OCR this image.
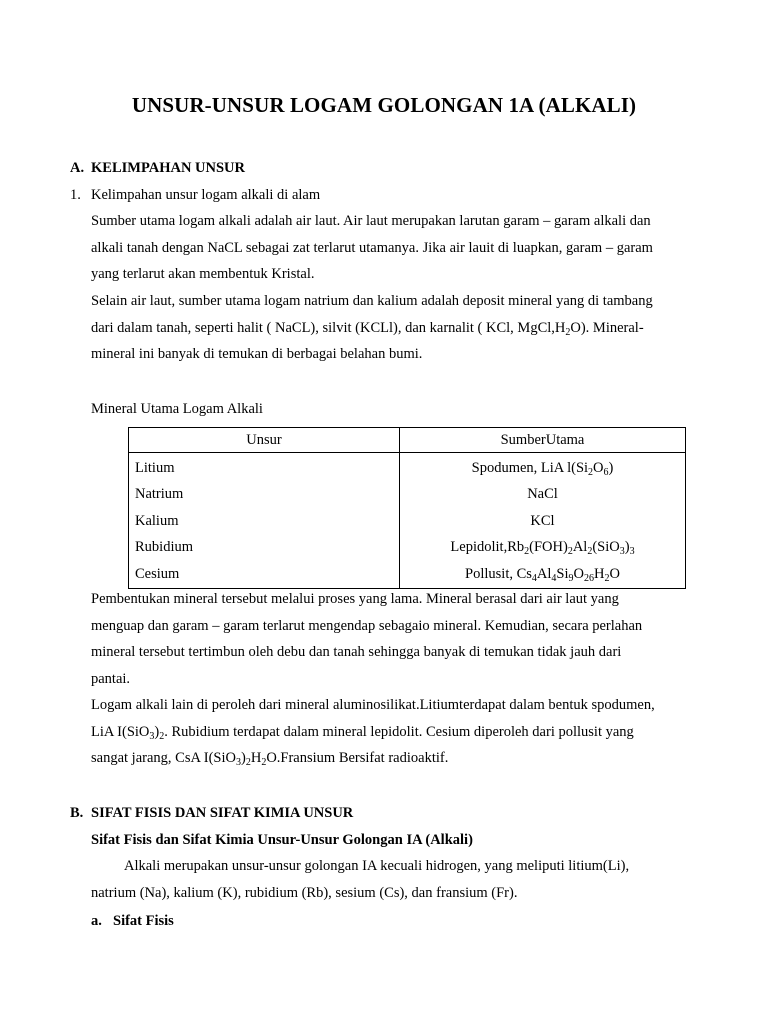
UNSUR-UNSUR LOGAM GOLONGAN 1A (ALKALI)
A. KELIMPAHAN UNSUR
1. Kelimpahan unsur logam alkali di alam
Sumber utama logam alkali adalah air laut. Air laut merupakan larutan garam – garam alkali dan
alkali tanah dengan NaCL sebagai zat terlarut utamanya. Jika air lauit di luapkan, garam – garam
yang terlarut akan membentuk Kristal.
Selain air laut, sumber utama logam natrium dan kalium adalah deposit mineral yang di tambang
dari dalam tanah, seperti halit ( NaCL), silvit (KCLl), dan karnalit ( KCl, $MgCl,H_2O$). Mineral-
mineral ini banyak di temukan di berbagai belahan bumi.
Mineral Utama Logam Alkali
Unsur	SumberUtama
Litium	Spodumen, LiA $l(Si_2O_6)$
Natrium	NaCl
Kalium	KCl
Rubidium	$Lepidolit,Rb_2(FOH)_2Al_2(SiO_3)_3$
Cesium	Pollusit, $Cs_4Al_4Si_9O_{26}H_2O$
Pembentukan mineral tersebut melalui proses yang lama. Mineral berasal dari air laut yang
menguap dan garam – garam terlarut mengendap sebagaio mineral. Kemudian, secara perlahan
mineral tersebut tertimbun oleh debu dan tanah sehingga banyak di temukan tidak jauh dari
pantai.
Logam alkali lain di peroleh dari mineral aluminosilikat.Litiumterdapat dalam bentuk spodumen,
LiA $I(SiO_3)_2$. Rubidium terdapat dalam mineral lepidolit. Cesium diperoleh dari pollusit yang
sangat jarang, CsA $I(SiO_3)_2H_2O.Fransium$ Bersifat radioaktif.
B. SIFAT FISIS DAN SIFAT KIMIA UNSUR
Sifat Fisis dan Sifat Kimia Unsur-Unsur Golongan IA (Alkali)
Alkali merupakan unsur-unsur golongan IA kecuali hidrogen, yang meliputi litium(Li),
natrium (Na), kalium (K), rubidium (Rb), sesium (Cs), dan fransium (Fr).
a. Sifat Fisis
